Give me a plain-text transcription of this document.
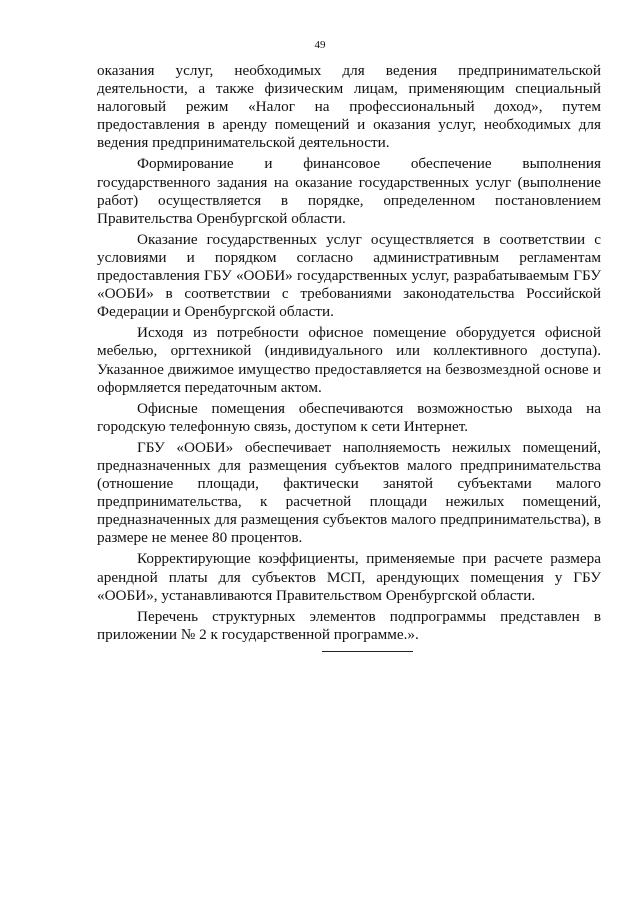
49

оказания услуг, необходимых для ведения предпринимательской деятельности, а также физическим лицам, применяющим специальный налоговый режим «Налог на профессиональный доход», путем предоставления в аренду помещений и оказания услуг, необходимых для ведения предпринимательской деятельности.

Формирование и финансовое обеспечение выполнения государственного задания на оказание государственных услуг (выполнение работ) осуществляется в порядке, определенном постановлением Правительства Оренбургской области.

Оказание государственных услуг осуществляется в соответствии с условиями и порядком согласно административным регламентам предоставления ГБУ «ООБИ» государственных услуг, разрабатываемым ГБУ «ООБИ» в соответствии с требованиями законодательства Российской Федерации и Оренбургской области.

Исходя из потребности офисное помещение оборудуется офисной мебелью, оргтехникой (индивидуального или коллективного доступа). Указанное движимое имущество предоставляется на безвозмездной основе и оформляется передаточным актом.

Офисные помещения обеспечиваются возможностью выхода на городскую телефонную связь, доступом к сети Интернет.

ГБУ «ООБИ» обеспечивает наполняемость нежилых помещений, предназначенных для размещения субъектов малого предпринимательства (отношение площади, фактически занятой субъектами малого предпринимательства, к расчетной площади нежилых помещений, предназначенных для размещения субъектов малого предпринимательства), в размере не менее 80 процентов.

Корректирующие коэффициенты, применяемые при расчете размера арендной платы для субъектов МСП, арендующих помещения у ГБУ «ООБИ», устанавливаются Правительством Оренбургской области.

Перечень структурных элементов подпрограммы представлен в приложении № 2 к государственной программе.».
